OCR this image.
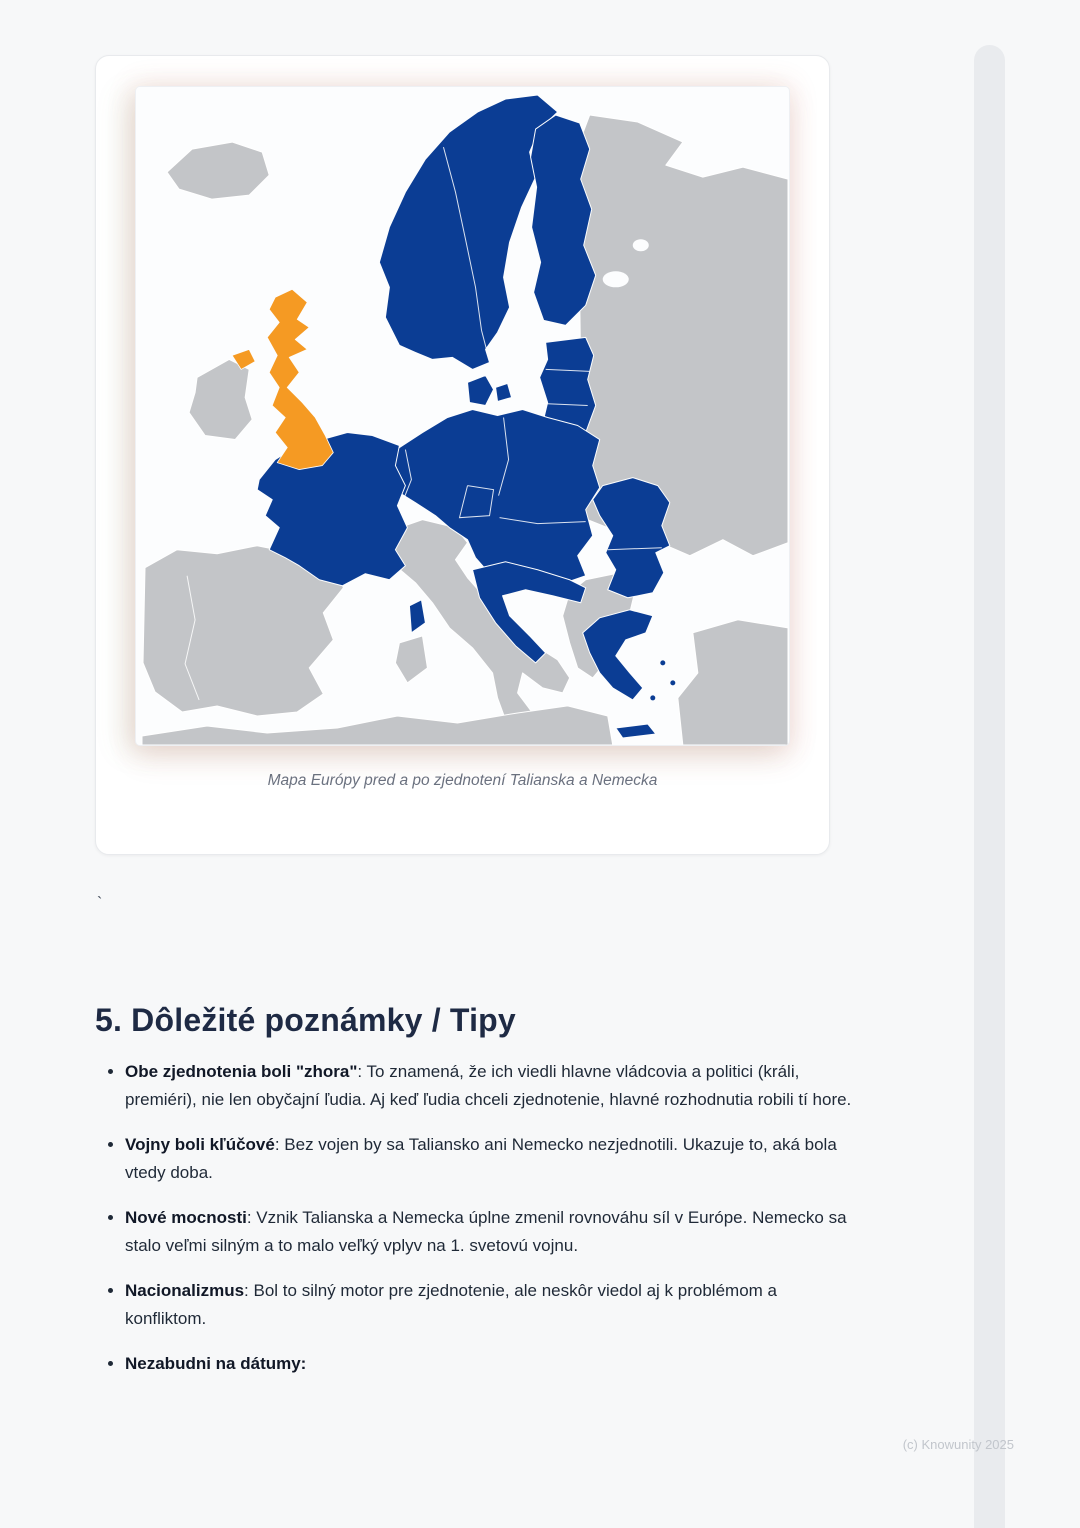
Mapa Európy pred a po zjednotení Talianska a Nemecka
`
5. Dôležité poznámky / Tipy
• Obe zjednotenia boli "zhora": To znamená, že ich viedli hlavne vládcovia a politici (králi, premiéri), nie len obyčajní ľudia. Aj keď ľudia chceli zjednotenie, hlavné rozhodnutia robili tí hore.
• Vojny boli kľúčové: Bez vojen by sa Taliansko ani Nemecko nezjednotili. Ukazuje to, aká bola vtedy doba.
• Nové mocnosti: Vznik Talianska a Nemecka úplne zmenil rovnováhu síl v Európe. Nemecko sa stalo veľmi silným a to malo veľký vplyv na 1. svetovú vojnu.
• Nacionalizmus: Bol to silný motor pre zjednotenie, ale neskôr viedol aj k problémom a konfliktom.
• Nezabudni na dátumy:
(c) Knowunity 2025
